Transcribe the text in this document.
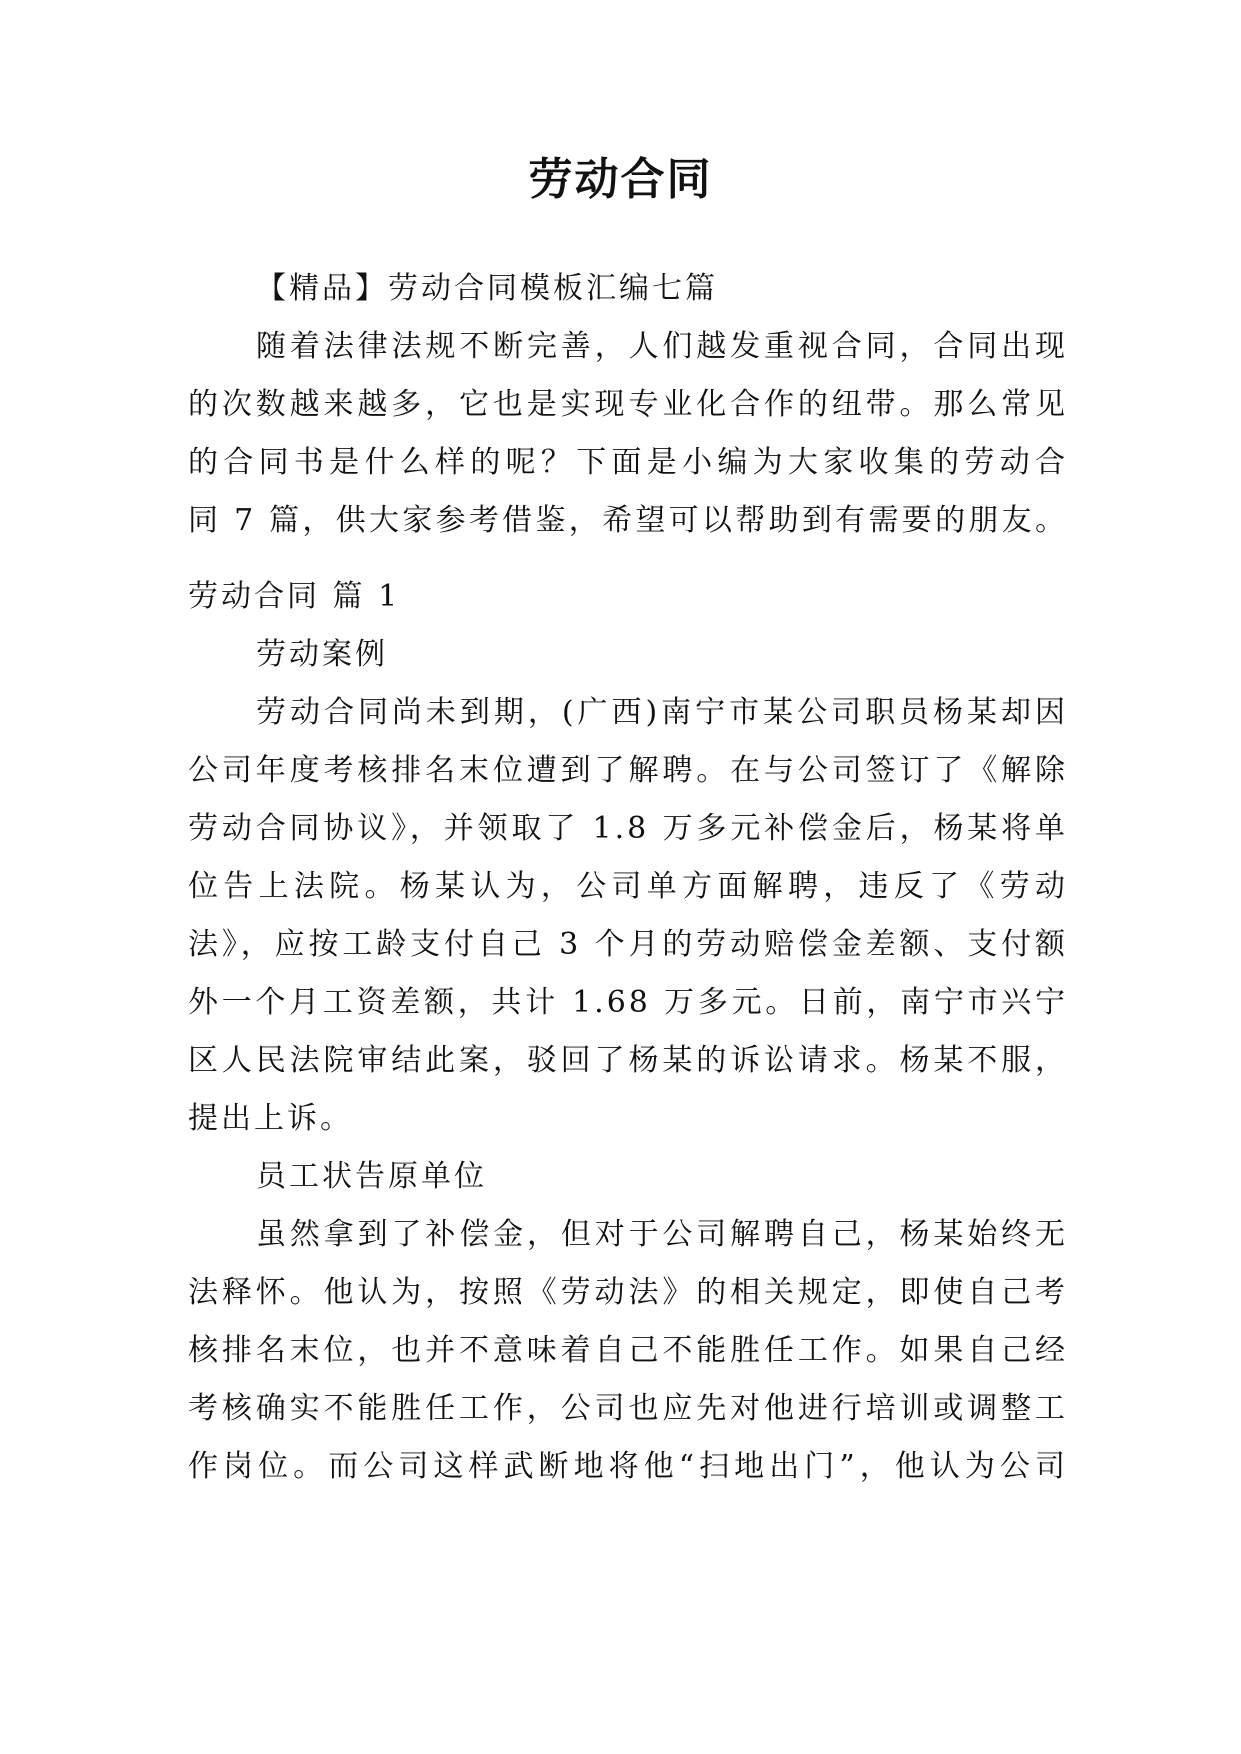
劳动合同
【精品】劳动合同模板汇编七篇
随着法律法规不断完善，人们越发重视合同，合同出现
的次数越来越多，它也是实现专业化合作的纽带。那么常见
的合同书是什么样的呢？下面是小编为大家收集的劳动合
同 7 篇，供大家参考借鉴，希望可以帮助到有需要的朋友。
劳动合同 篇 1
劳动案例
劳动合同尚未到期，(广西)南宁市某公司职员杨某却因
公司年度考核排名末位遭到了解聘。在与公司签订了《解除
劳动合同协议》，并领取了 1.8 万多元补偿金后，杨某将单
位告上法院。杨某认为，公司单方面解聘，违反了《劳动
法》，应按工龄支付自己 3 个月的劳动赔偿金差额、支付额
外一个月工资差额，共计 1.68 万多元。日前，南宁市兴宁
区人民法院审结此案，驳回了杨某的诉讼请求。杨某不服，
提出上诉。
员工状告原单位
虽然拿到了补偿金，但对于公司解聘自己，杨某始终无
法释怀。他认为，按照《劳动法》的相关规定，即使自己考
核排名末位，也并不意味着自己不能胜任工作。如果自己经
考核确实不能胜任工作，公司也应先对他进行培训或调整工
作岗位。而公司这样武断地将他“扫地出门”，他认为公司
